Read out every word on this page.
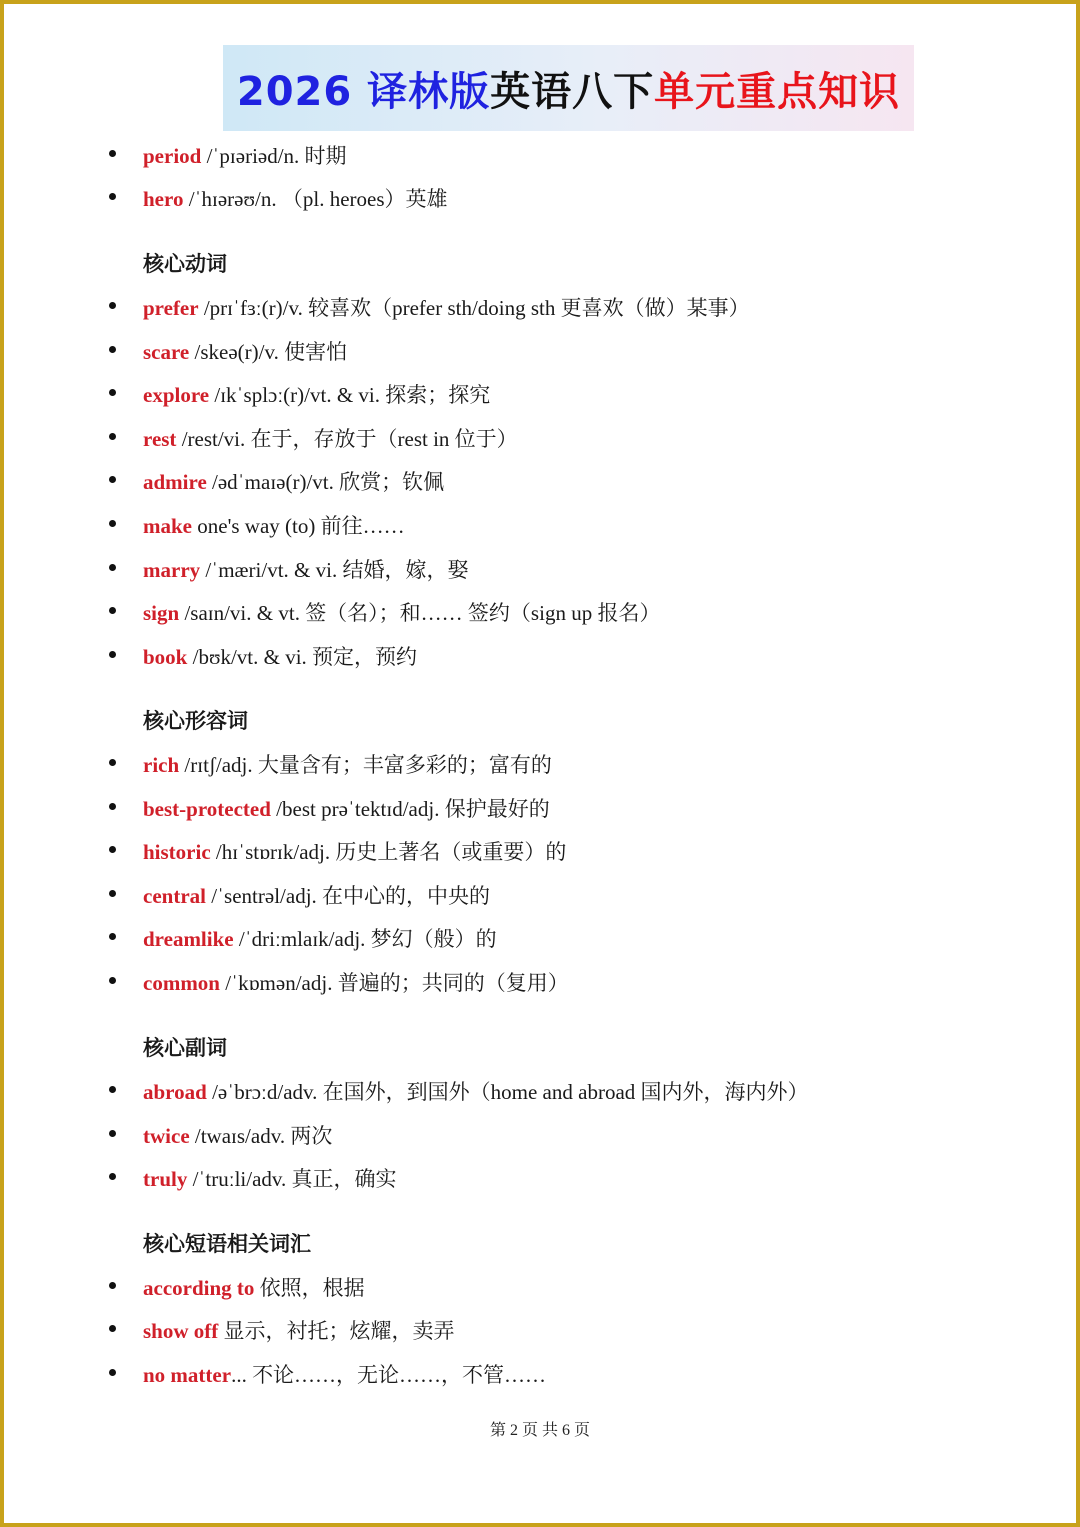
2026 译林版 英语八下 单元重点知识
period /ˈpɪəriəd/n. 时期
hero /ˈhɪərəʊ/n. （pl. heroes）英雄
核心动词
prefer /prɪˈfɜː(r)/v. 较喜欢（prefer sth/doing sth 更喜欢（做）某事）
scare /skeə(r)/v. 使害怕
explore /ɪkˈsplɔː(r)/vt. & vi. 探索；探究
rest /rest/vi. 在于，存放于（rest in 位于）
admire /ədˈmaɪə(r)/vt. 欣赏；钦佩
make one's way (to) 前往……
marry /ˈmæri/vt. & vi. 结婚，嫁，娶
sign /saɪn/vi. & vt. 签（名）；和…… 签约（sign up 报名）
book /bʊk/vt. & vi. 预定，预约
核心形容词
rich /rɪtʃ/adj. 大量含有；丰富多彩的；富有的
best-protected /best prəˈtektɪd/adj. 保护最好的
historic /hɪˈstɒrɪk/adj. 历史上著名（或重要）的
central /ˈsentrəl/adj. 在中心的，中央的
dreamlike /ˈdriːmlaɪk/adj. 梦幻（般）的
common /ˈkɒmən/adj. 普遍的；共同的（复用）
核心副词
abroad /əˈbrɔːd/adv. 在国外，到国外（home and abroad 国内外，海内外）
twice /twaɪs/adv. 两次
truly /ˈtruːli/adv. 真正，确实
核心短语相关词汇
according to 依照，根据
show off 显示，衬托；炫耀，卖弄
no matter... 不论……，无论……，不管……
第 2 页 共 6 页
